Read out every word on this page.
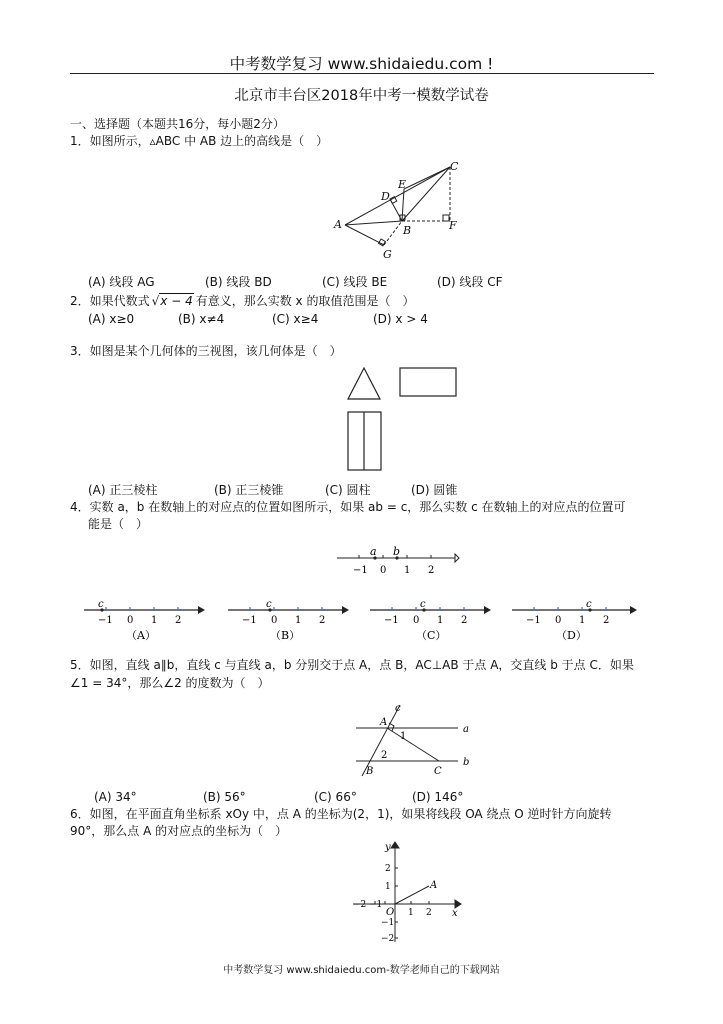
中考数学复习 www.shidaiedu.com !
北京市丰台区2018年中考一模数学试卷
一、选择题（本题共16分，每小题2分）
1．如图所示，▵ABC 中 AB 边上的高线是（　）
A	B
C
D
E
F
G
(A) 线段 AG	(B) 线段 BD	(C) 线段 BE	(D) 线段 CF
2．如果代数式 √x − 4 有意义，那么实数 x 的取值范围是（　）
(A) x≥0	(B) x≠4	(C) x≥4	(D) x > 4
3．如图是某个几何体的三视图，该几何体是（　）
(A) 正三棱柱	(B) 正三棱锥	(C) 圆柱	(D) 圆锥
4．实数 a，b 在数轴上的对应点的位置如图所示，如果 ab = c，那么实数 c 在数轴上的对应点的位置可
能是（　）
a b
−1 0 1 2
c
−1 0 1 2
（A）
c
−1 0 1 2
（B）
c
−1 0 1 2
（C）
c
−1 0 1 2
（D）
5．如图，直线 a∥b，直线 c 与直线 a，b 分别交于点 A，点 B，AC⊥AB 于点 A，交直线 b 于点 C．如果
∠1 = 34°，那么∠2 的度数为（　）
c
A
a
B	C
b
1
2
(A) 34°	(B) 56°	(C) 66°	(D) 146°
6．如图，在平面直角坐标系 xOy 中，点 A 的坐标为(2，1)，如果将线段 OA 绕点 O 逆时针方向旋转
90°，那么点 A 的对应点的坐标为（　）
y
x
O
A
2
1
−1
−2
−2 −1
1 2
中考数学复习 www.shidaiedu.com-数学老师自己的下载网站
